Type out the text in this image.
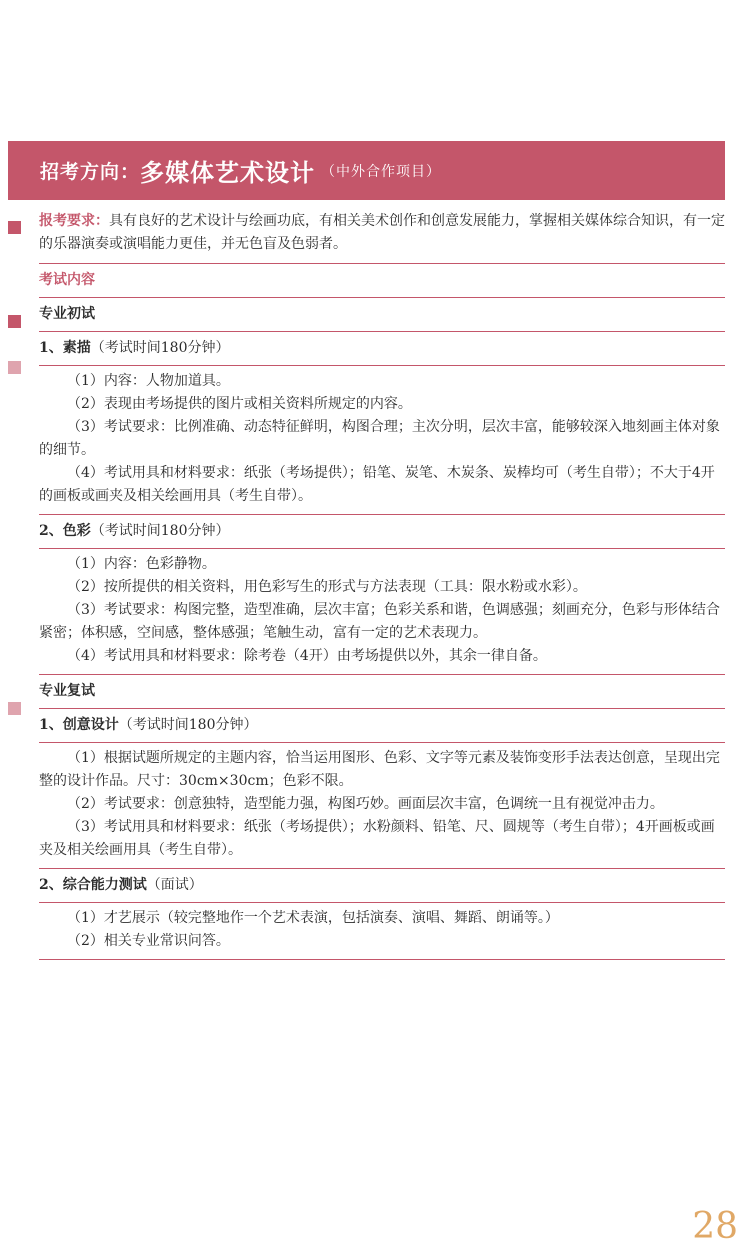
招考方向： 多媒体艺术设计 （中外合作项目）

报考要求：具有良好的艺术设计与绘画功底，有相关美术创作和创意发展能力，掌握相关媒体综合知识，有一定的乐器演奏或演唱能力更佳，并无色盲及色弱者。

考试内容
专业初试
1、素描（考试时间180分钟）

（1）内容：人物加道具。

（2）表现由考场提供的图片或相关资料所规定的内容。

（3）考试要求：比例准确、动态特征鲜明，构图合理；主次分明，层次丰富，能够较深入地刻画主体对象的细节。

（4）考试用具和材料要求：纸张（考场提供）；铅笔、炭笔、木炭条、炭棒均可（考生自带）；不大于4开的画板或画夹及相关绘画用具（考生自带）。

2、色彩（考试时间180分钟）

（1）内容：色彩静物。

（2）按所提供的相关资料，用色彩写生的形式与方法表现（工具：限水粉或水彩）。

（3）考试要求：构图完整，造型准确，层次丰富；色彩关系和谐，色调感强；刻画充分，色彩与形体结合紧密；体积感，空间感，整体感强；笔触生动，富有一定的艺术表现力。

（4）考试用具和材料要求：除考卷（4开）由考场提供以外，其余一律自备。

专业复试
1、创意设计（考试时间180分钟）

（1）根据试题所规定的主题内容，恰当运用图形、色彩、文字等元素及装饰变形手法表达创意，呈现出完整的设计作品。尺寸：30cm×30cm；色彩不限。

（2）考试要求：创意独特，造型能力强，构图巧妙。画面层次丰富，色调统一且有视觉冲击力。

（3）考试用具和材料要求：纸张（考场提供）；水粉颜料、铅笔、尺、圆规等（考生自带）；4开画板或画夹及相关绘画用具（考生自带）。

2、综合能力测试（面试）

（1）才艺展示（较完整地作一个艺术表演，包括演奏、演唱、舞蹈、朗诵等。）

（2）相关专业常识问答。

28
